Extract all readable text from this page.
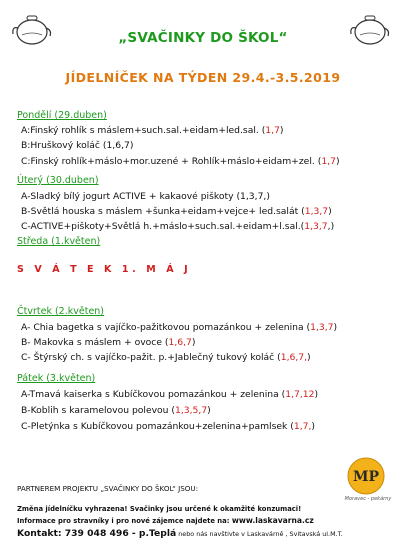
„SVAČINKY DO ŠKOL“
JÍDELNÍČEK NA TÝDEN 29.4.-3.5.2019
Pondělí (29.duben)
A:Finský rohlík s máslem+such.sal.+eidam+led.sal. (1,7)
B:Hruškový koláč (1,6,7)
C:Finský rohlík+máslo+mor.uzené + Rohlík+máslo+eidam+zel. (1,7)
Úterý (30.duben)
A-Sladký bílý jogurt ACTIVE + kakaové piškoty (1,3,7,)
B-Světlá houska s máslem +šunka+eidam+vejce+ led.salát (1,3,7)
C-ACTIVE+piškoty+Světlá h.+máslo+such.sal.+eidam+l.sal.(1,3,7,)
Středa (1.květen)
S V Á T E K 1. M Á J
Čtvrtek (2.květen)
A- Chia bagetka s vajíčko-pažitkovou pomazánkou + zelenina (1,3,7)
B- Makovka s máslem + ovoce (1,6,7)
C- Štýrský ch. s vajíčko-pažit. p.+Jablečný tukový koláč (1,6,7,)
Pátek (3.květen)
A-Tmavá kaiserka s Kubíčkovou pomazánkou + zelenina (1,7,12)
B-Koblih s karamelovou polevou (1,3,5,7)
C-Pletýnka s Kubíčkovou pomazánkou+zelenina+pamlsek (1,7,)
PARTNEREM PROJEKTU „SVAČINKY DO ŠKOL“ JSOU:
MP
Moravec - pekárny
Změna jídelníčku vyhrazena! Svačinky jsou určené k okamžité konzumaci!
Informace pro stravníky i pro nové zájemce najdete na: www.laskavarna.cz
Kontakt: 739 048 496 - p.Teplá nebo nás navštivte v Laskavárně , Svitavská ul.M.T.
